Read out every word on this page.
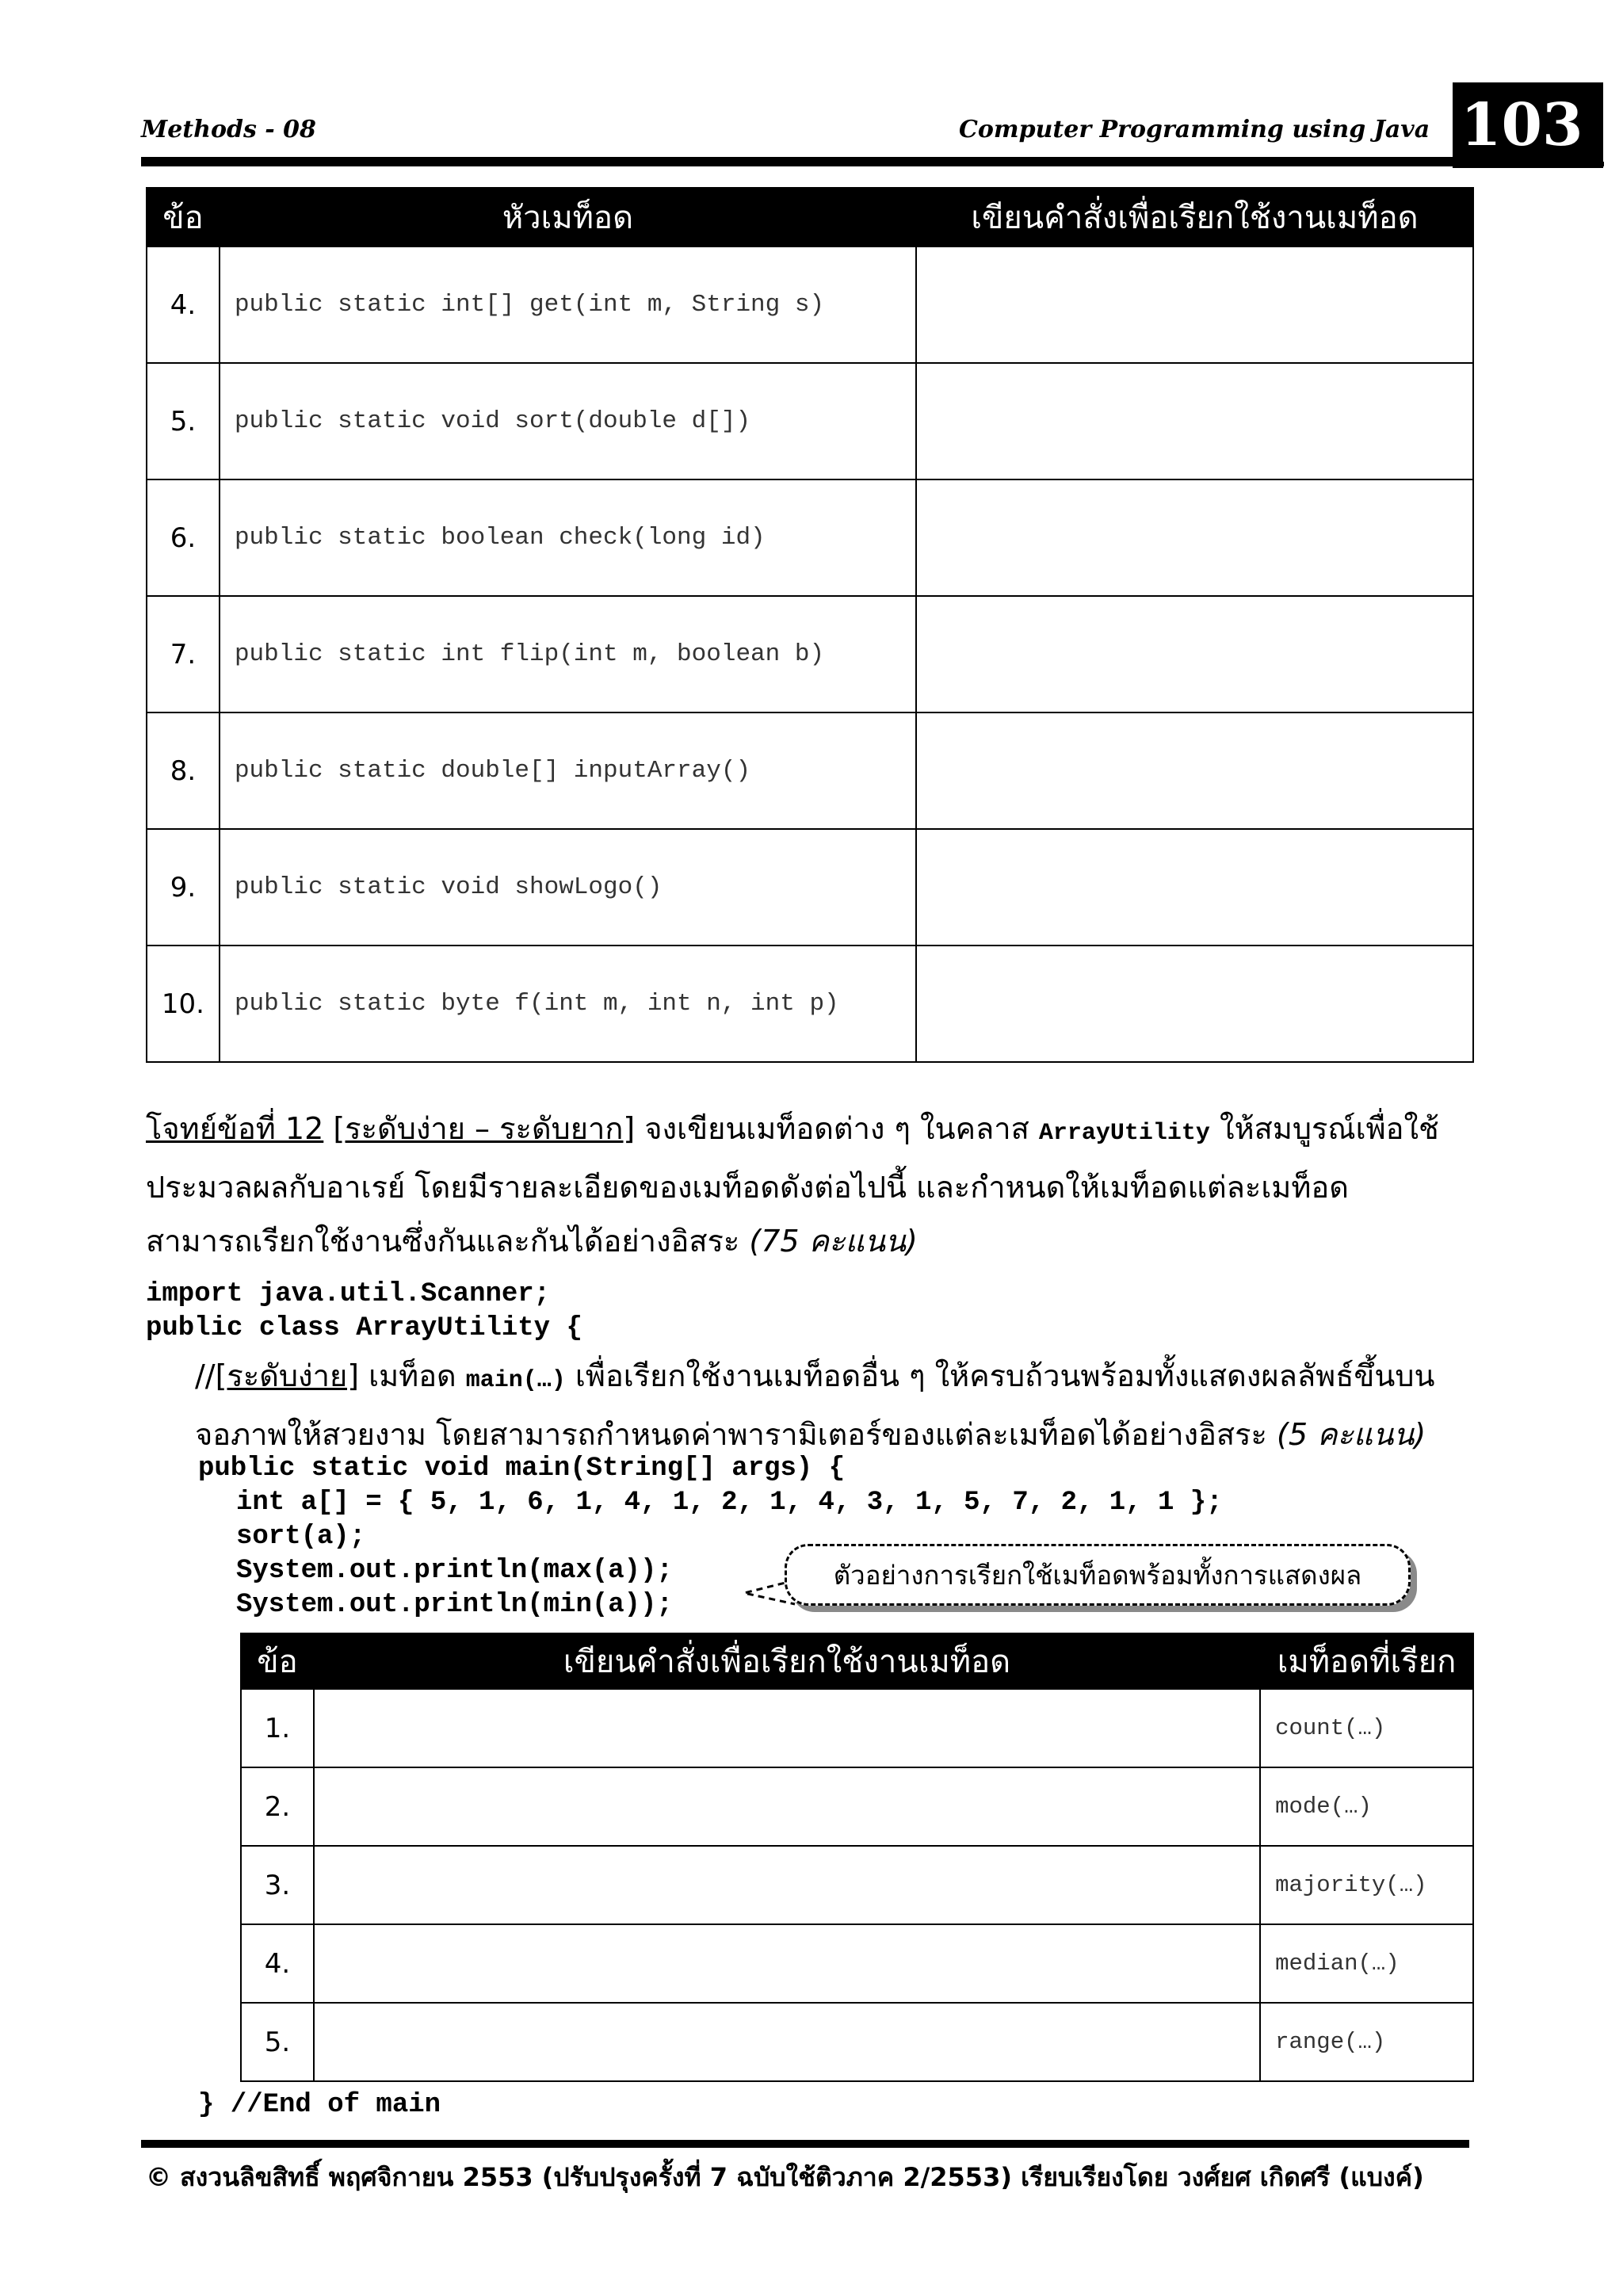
Methods - 08	Computer Programming using Java 103
ข้อ	หัวเมท็อด	เขียนคำสั่งเพื่อเรียกใช้งานเมท็อด
4.	public static int[] get(int m, String s)	
5.	public static void sort(double d[])	
6.	public static boolean check(long id)	
7.	public static int flip(int m, boolean b)	
8.	public static double[] inputArray()	
9.	public static void showLogo()	
10.	public static byte f(int m, int n, int p)	
โจทย์ข้อที่ 12 [ระดับง่าย – ระดับยาก] จงเขียนเมท็อดต่าง ๆ ในคลาส ArrayUtility ให้สมบูรณ์เพื่อใช้
ประมวลผลกับอาเรย์ โดยมีรายละเอียดของเมท็อดดังต่อไปนี้ และกำหนดให้เมท็อดแต่ละเมท็อด
สามารถเรียกใช้งานซึ่งกันและกันได้อย่างอิสระ (75 คะแนน)
import java.util.Scanner;
public class ArrayUtility {
//[ระดับง่าย] เมท็อด main(…) เพื่อเรียกใช้งานเมท็อดอื่น ๆ ให้ครบถ้วนพร้อมทั้งแสดงผลลัพธ์ขึ้นบน
จอภาพให้สวยงาม โดยสามารถกำหนดค่าพารามิเตอร์ของแต่ละเมท็อดได้อย่างอิสระ (5 คะแนน)
public static void main(String[] args) {
int a[] = { 5, 1, 6, 1, 4, 1, 2, 1, 4, 3, 1, 5, 7, 2, 1, 1 };
sort(a);
System.out.println(max(a));
System.out.println(min(a));
ตัวอย่างการเรียกใช้เมท็อดพร้อมทั้งการแสดงผล
ข้อ	เขียนคำสั่งเพื่อเรียกใช้งานเมท็อด	เมท็อดที่เรียก
1.		count(…)
2.		mode(…)
3.		majority(…)
4.		median(…)
5.		range(…)
} //End of main
© สงวนลิขสิทธิ์ พฤศจิกายน 2553 (ปรับปรุงครั้งที่ 7 ฉบับใช้ติวภาค 2/2553) เรียบเรียงโดย วงศ์ยศ เกิดศรี (แบงค์)
